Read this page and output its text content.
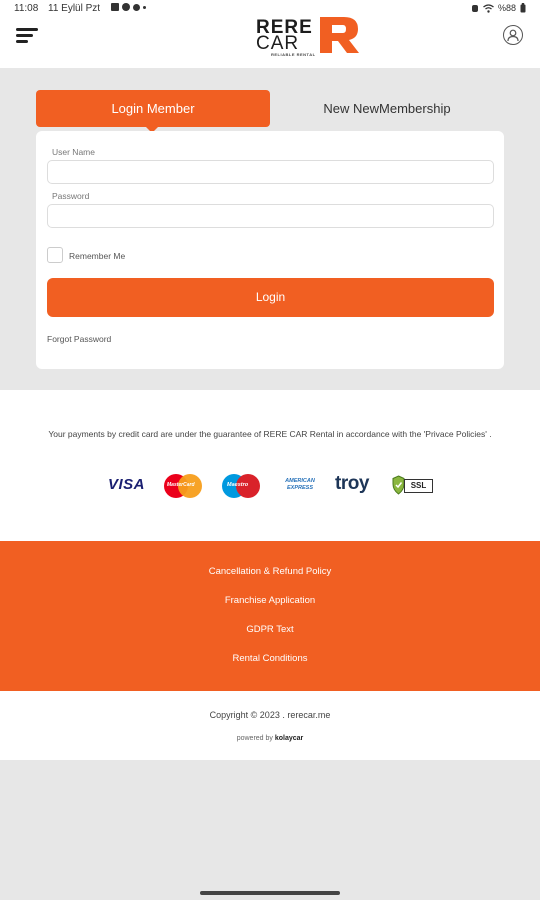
11:08 11 Eylül Pzt	%88
RERE
CAR
RELIABLE RENTAL
Login Member	New NewMembership
User Name
Password
Remember Me
Login
Forgot Password

Your payments by credit card are under the guarantee of RERE CAR Rental in accordance with the 'Privace Policies' .

VISA	MasterCard	Maestro
AMERICAN
EXPRESS	troy	SSL
Cancellation & Refund Policy
Franchise Application
GDPR Text
Rental Conditions
Copyright © 2023 . rerecar.me
powered by kolaycar
